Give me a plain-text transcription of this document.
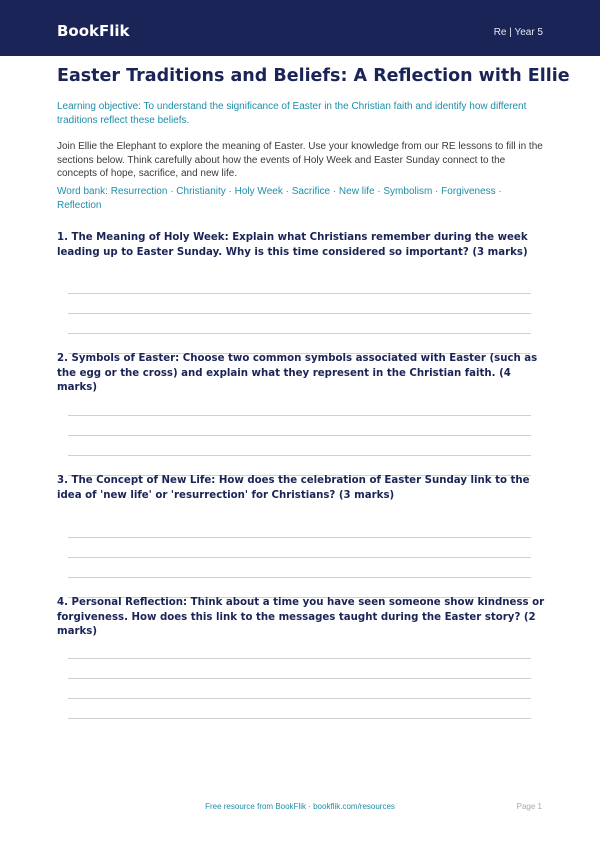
BookFlik	Re | Year 5
Easter Traditions and Beliefs: A Reflection with Ellie
Learning objective: To understand the significance of Easter in the Christian faith and identify how different traditions reflect these beliefs.
Join Ellie the Elephant to explore the meaning of Easter. Use your knowledge from our RE lessons to fill in the sections below. Think carefully about how the events of Holy Week and Easter Sunday connect to the concepts of hope, sacrifice, and new life.
Word bank: Resurrection · Christianity · Holy Week · Sacrifice · New life · Symbolism · Forgiveness · Reflection
1. The Meaning of Holy Week: Explain what Christians remember during the week leading up to Easter Sunday. Why is this time considered so important? (3 marks)
2. Symbols of Easter: Choose two common symbols associated with Easter (such as the egg or the cross) and explain what they represent in the Christian faith. (4 marks)
3. The Concept of New Life: How does the celebration of Easter Sunday link to the idea of 'new life' or 'resurrection' for Christians? (3 marks)
4. Personal Reflection: Think about a time you have seen someone show kindness or forgiveness. How does this link to the messages taught during the Easter story? (2 marks)
Free resource from BookFlik · bookflik.com/resources	Page 1
